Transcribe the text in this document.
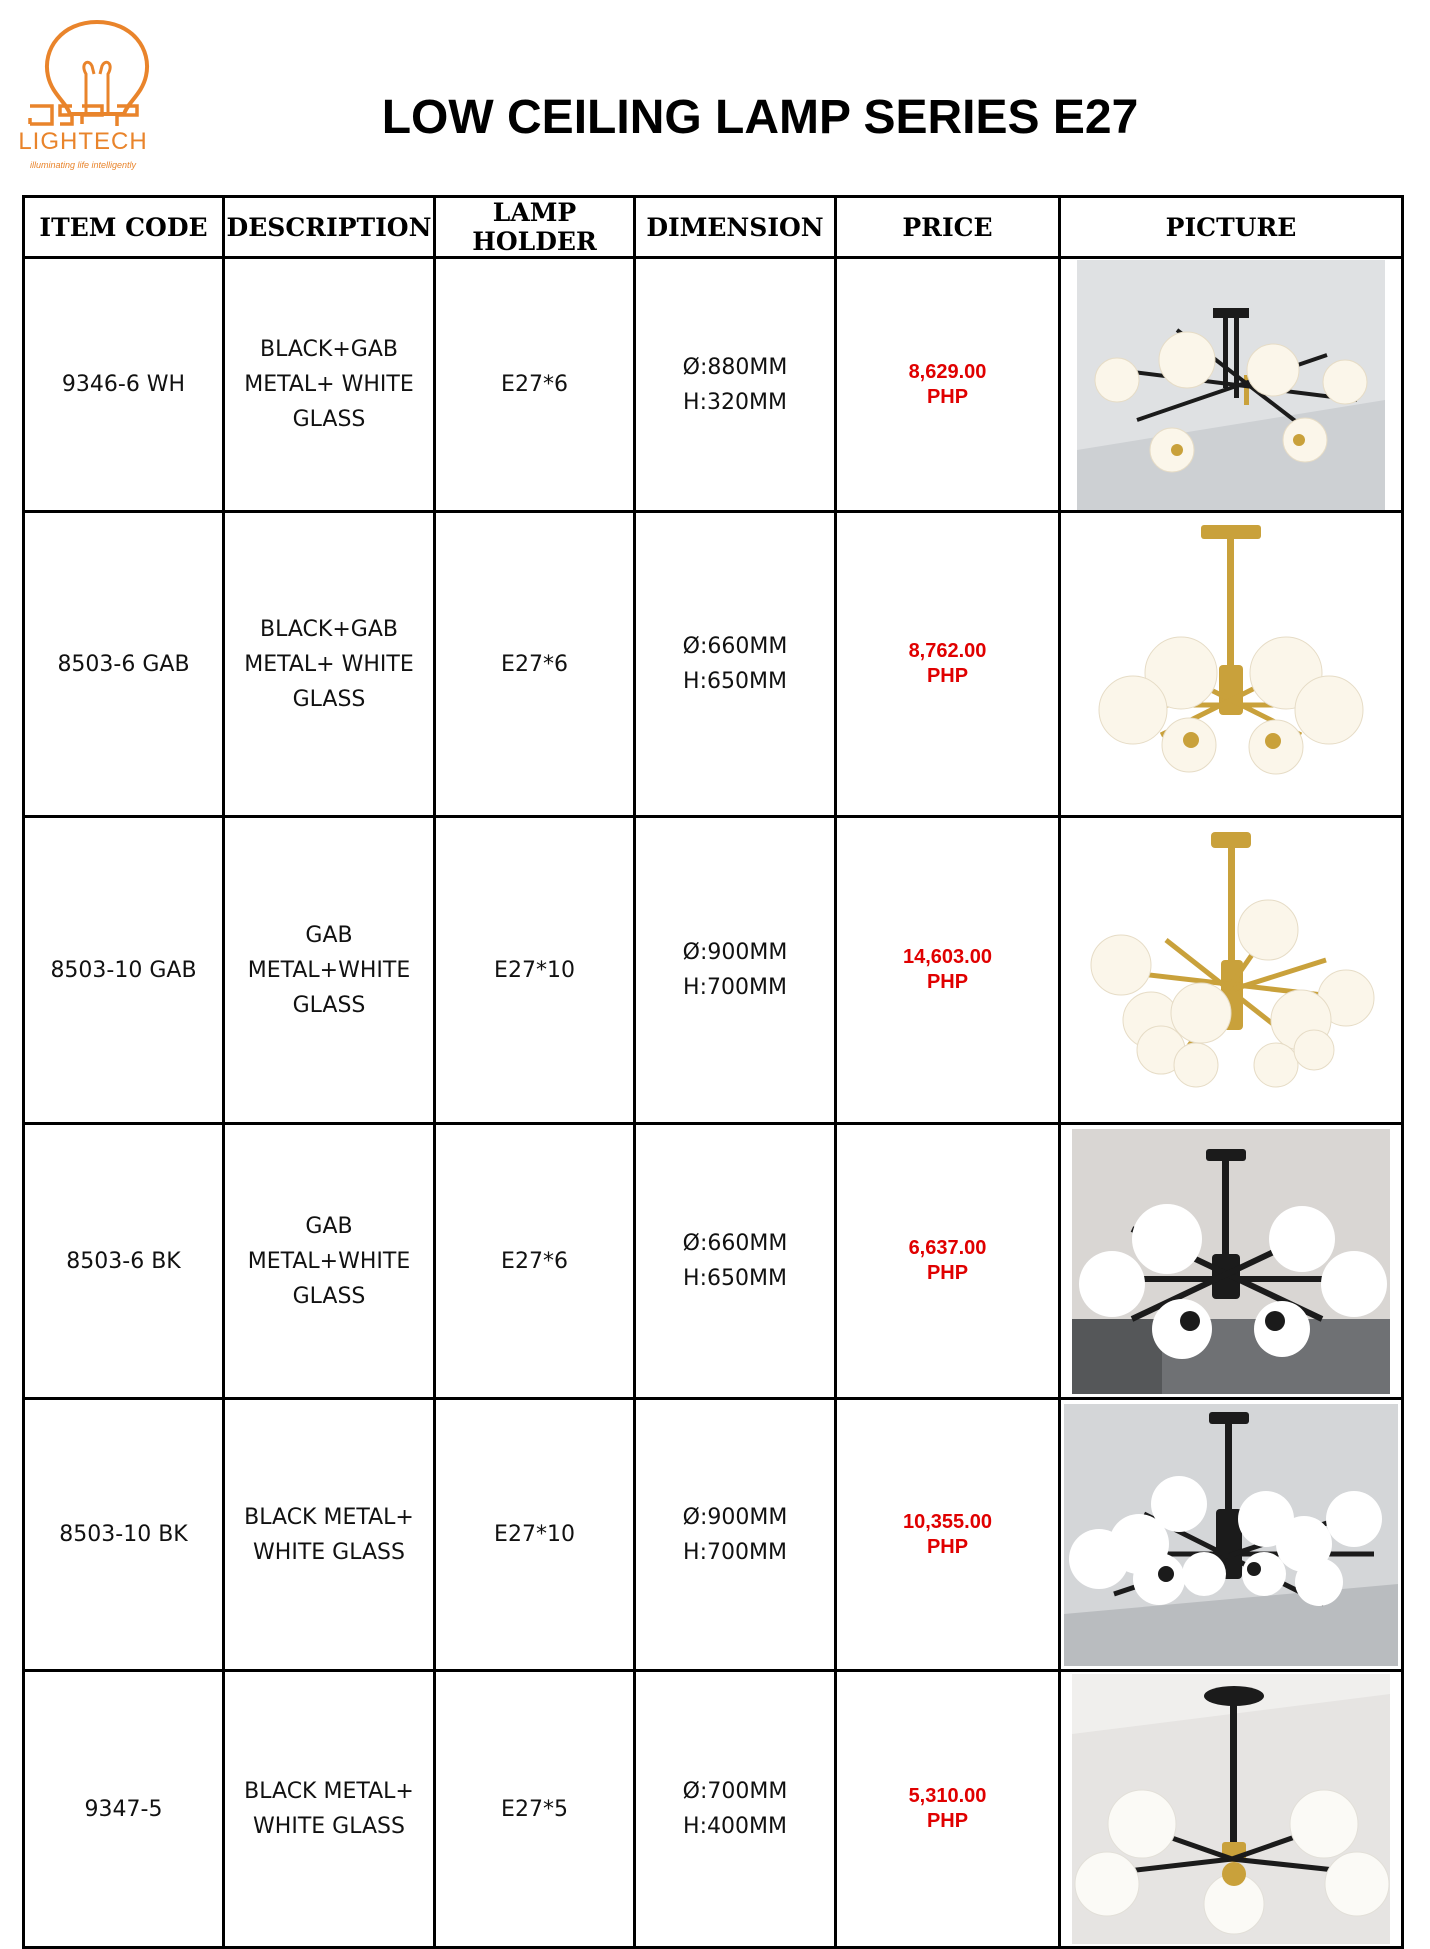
LIGHTECH
illuminating life intelligently
LOW CEILING LAMP SERIES E27
ITEM CODE	DESCRIPTION	LAMP HOLDER	DIMENSION	PRICE	PICTURE
9346-6 WH	BLACK+GAB
METAL+ WHITE
GLASS	E27*6	Ø:880MM
H:320MM	8,629.00
PHP

8503-6 GAB	BLACK+GAB
METAL+ WHITE
GLASS	E27*6	Ø:660MM
H:650MM	8,762.00
PHP

8503-10 GAB	GAB
METAL+WHITE
GLASS	E27*10	Ø:900MM
H:700MM	14,603.00
PHP

8503-6 BK	GAB
METAL+WHITE
GLASS	E27*6	Ø:660MM
H:650MM	6,637.00
PHP

8503-10 BK	BLACK METAL+
WHITE GLASS	E27*10	Ø:900MM
H:700MM	10,355.00
PHP

9347-5	BLACK METAL+
WHITE GLASS	E27*5	Ø:700MM
H:400MM	5,310.00
PHP
